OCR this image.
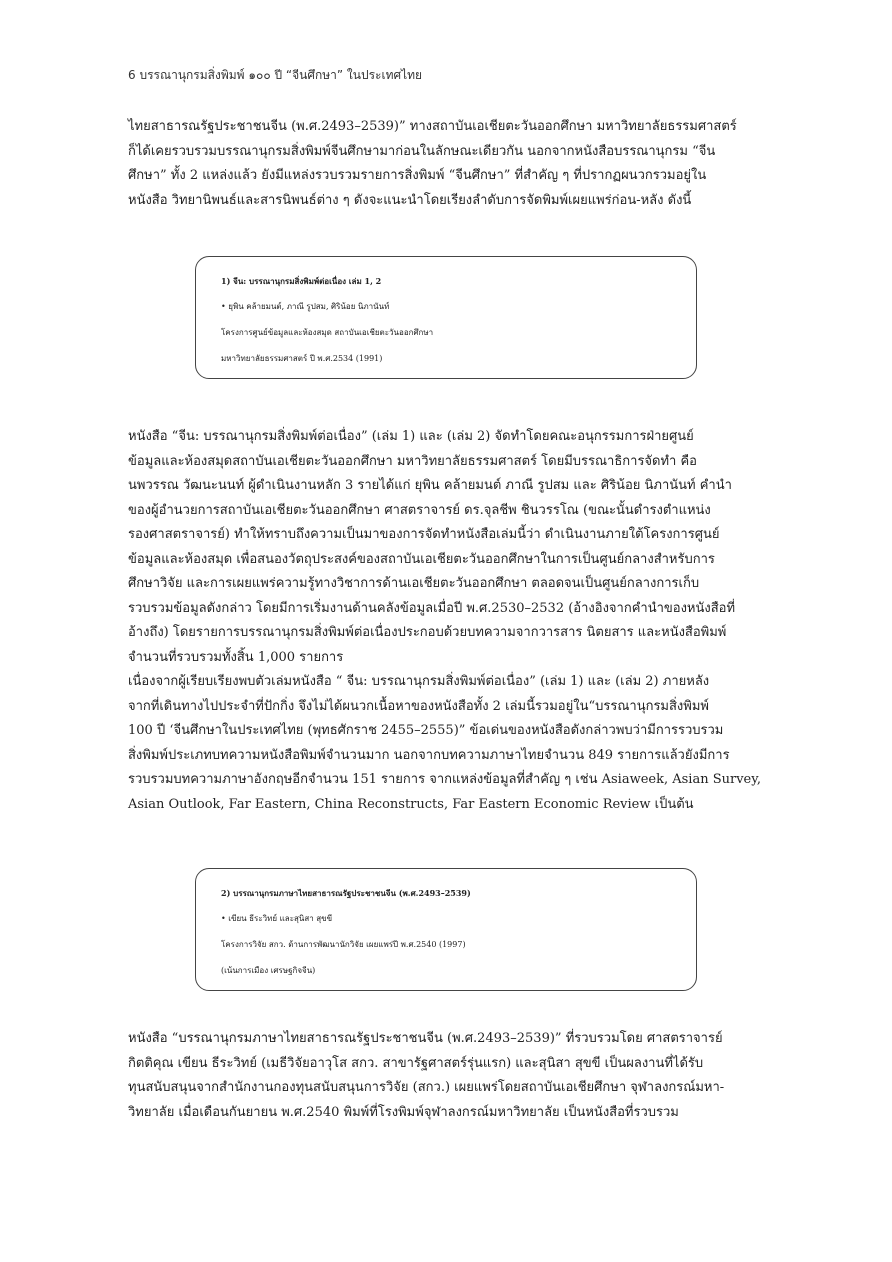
6 บรรณานุกรมสิ่งพิมพ์ ๑๐๐ ปี “จีนศึกษา” ในประเทศไทย
ไทยสาธารณรัฐประชาชนจีน (พ.ศ.2493–2539)” ทางสถาบันเอเชียตะวันออกศึกษา มหาวิทยาลัยธรรมศาสตร์
ก็ได้เคยรวบรวมบรรณานุกรมสิ่งพิมพ์จีนศึกษามาก่อนในลักษณะเดียวกัน นอกจากหนังสือบรรณานุกรม “จีน
ศึกษา” ทั้ง 2 แหล่งแล้ว ยังมีแหล่งรวบรวมรายการสิ่งพิมพ์ “จีนศึกษา” ที่สำคัญ ๆ ที่ปรากฏผนวกรวมอยู่ใน
หนังสือ วิทยานิพนธ์และสารนิพนธ์ต่าง ๆ ดังจะแนะนำโดยเรียงลำดับการจัดพิมพ์เผยแพร่ก่อน-หลัง ดังนี้
1) จีน: บรรณานุกรมสิ่งพิมพ์ต่อเนื่อง เล่ม 1, 2
• ยุพิน คล้ายมนต์, ภาณี รูปสม, ศิริน้อย นิภานันท์
โครงการศูนย์ข้อมูลและห้องสมุด สถาบันเอเชียตะวันออกศึกษา
มหาวิทยาลัยธรรมศาสตร์ ปี พ.ศ.2534 (1991)
หนังสือ “จีน: บรรณานุกรมสิ่งพิมพ์ต่อเนื่อง” (เล่ม 1) และ (เล่ม 2) จัดทำโดยคณะอนุกรรมการฝ่ายศูนย์
ข้อมูลและห้องสมุดสถาบันเอเชียตะวันออกศึกษา มหาวิทยาลัยธรรมศาสตร์ โดยมีบรรณาธิการจัดทำ คือ
นพวรรณ วัฒนะนนท์ ผู้ดำเนินงานหลัก 3 รายได้แก่ ยุพิน คล้ายมนต์ ภาณี รูปสม และ ศิริน้อย นิภานันท์ คำนำ
ของผู้อำนวยการสถาบันเอเชียตะวันออกศึกษา ศาสตราจารย์ ดร.จุลชีพ ชินวรรโณ (ขณะนั้นดำรงตำแหน่ง
รองศาสตราจารย์) ทำให้ทราบถึงความเป็นมาของการจัดทำหนังสือเล่มนี้ว่า ดำเนินงานภายใต้โครงการศูนย์
ข้อมูลและห้องสมุด เพื่อสนองวัตถุประสงค์ของสถาบันเอเชียตะวันออกศึกษาในการเป็นศูนย์กลางสำหรับการ
ศึกษาวิจัย และการเผยแพร่ความรู้ทางวิชาการด้านเอเชียตะวันออกศึกษา ตลอดจนเป็นศูนย์กลางการเก็บ
รวบรวมข้อมูลดังกล่าว โดยมีการเริ่มงานด้านคลังข้อมูลเมื่อปี พ.ศ.2530–2532 (อ้างอิงจากคำนำของหนังสือที่
อ้างถึง) โดยรายการบรรณานุกรมสิ่งพิมพ์ต่อเนื่องประกอบด้วยบทความจากวารสาร นิตยสาร และหนังสือพิมพ์
จำนวนที่รวบรวมทั้งสิ้น 1,000 รายการ
เนื่องจากผู้เรียบเรียงพบตัวเล่มหนังสือ “ จีน: บรรณานุกรมสิ่งพิมพ์ต่อเนื่อง” (เล่ม 1) และ (เล่ม 2) ภายหลัง
จากที่เดินทางไปประจำที่ปักกิ่ง จึงไม่ได้ผนวกเนื้อหาของหนังสือทั้ง 2 เล่มนี้รวมอยู่ใน“บรรณานุกรมสิ่งพิมพ์
100 ปี ‘จีนศึกษาในประเทศไทย (พุทธศักราช 2455–2555)” ข้อเด่นของหนังสือดังกล่าวพบว่ามีการรวบรวม
สิ่งพิมพ์ประเภทบทความหนังสือพิมพ์จำนวนมาก นอกจากบทความภาษาไทยจำนวน 849 รายการแล้วยังมีการ
รวบรวมบทความภาษาอังกฤษอีกจำนวน 151 รายการ จากแหล่งข้อมูลที่สำคัญ ๆ เช่น Asiaweek, Asian Survey,
Asian Outlook, Far Eastern, China Reconstructs, Far Eastern Economic Review เป็นต้น
2) บรรณานุกรมภาษาไทยสาธารณรัฐประชาชนจีน (พ.ศ.2493–2539)
• เขียน ธีระวิทย์ และสุนิสา สุขขี
โครงการวิจัย สกว. ด้านการพัฒนานักวิจัย เผยแพร่ปี พ.ศ.2540 (1997)
(เน้นการเมือง เศรษฐกิจจีน)
หนังสือ “บรรณานุกรมภาษาไทยสาธารณรัฐประชาชนจีน (พ.ศ.2493–2539)” ที่รวบรวมโดย ศาสตราจารย์
กิตติคุณ เขียน ธีระวิทย์ (เมธีวิจัยอาวุโส สกว. สาขารัฐศาสตร์รุ่นแรก) และสุนิสา สุขขี เป็นผลงานที่ได้รับ
ทุนสนับสนุนจากสำนักงานกองทุนสนับสนุนการวิจัย (สกว.) เผยแพร่โดยสถาบันเอเชียศึกษา จุฬาลงกรณ์มหา-
วิทยาลัย เมื่อเดือนกันยายน พ.ศ.2540 พิมพ์ที่โรงพิมพ์จุฬาลงกรณ์มหาวิทยาลัย เป็นหนังสือที่รวบรวม
